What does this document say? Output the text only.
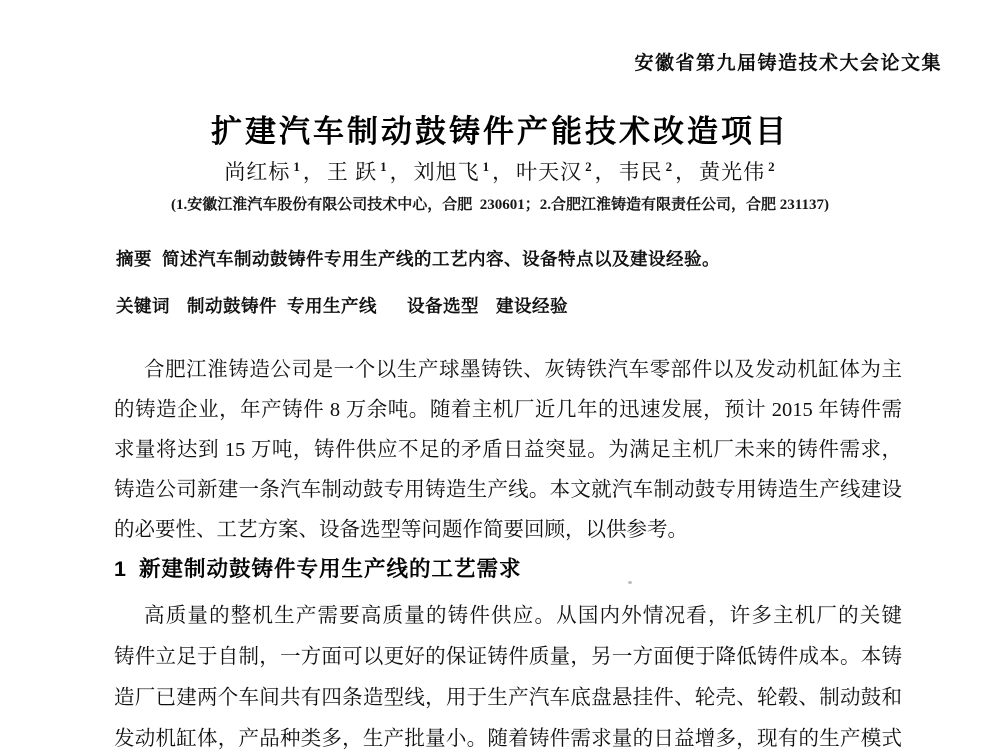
安徽省第九届铸造技术大会论文集
扩建汽车制动鼓铸件产能技术改造项目
尚红标 $^1$，王 跃 $^1$，刘旭飞 $^1$，叶天汉 $^2$，韦民 $^2$，黄光伟 $^2$
(1.安徽江淮汽车股份有限公司技术中心，合肥  230601；2.合肥江淮铸造有限责任公司，合肥 231137)
摘要 简述汽车制动鼓铸件专用生产线的工艺内容、设备特点以及建设经验。
关键词 制动鼓铸件 专用生产线 设备选型 建设经验
合肥江淮铸造公司是一个以生产球墨铸铁、灰铸铁汽车零部件以及发动机缸体为主
的铸造企业，年产铸件 8 万余吨。随着主机厂近几年的迅速发展，预计 2015 年铸件需
求量将达到 15 万吨，铸件供应不足的矛盾日益突显。为满足主机厂未来的铸件需求，
铸造公司新建一条汽车制动鼓专用铸造生产线。本文就汽车制动鼓专用铸造生产线建设
的必要性、工艺方案、设备选型等问题作简要回顾，以供参考。
1 新建制动鼓铸件专用生产线的工艺需求
高质量的整机生产需要高质量的铸件供应。从国内外情况看，许多主机厂的关键
铸件立足于自制，一方面可以更好的保证铸件质量，另一方面便于降低铸件成本。本铸
造厂已建两个车间共有四条造型线，用于生产汽车底盘悬挂件、轮壳、轮毂、制动鼓和
发动机缸体，产品种类多，生产批量小。随着铸件需求量的日益增多，现有的生产模式
